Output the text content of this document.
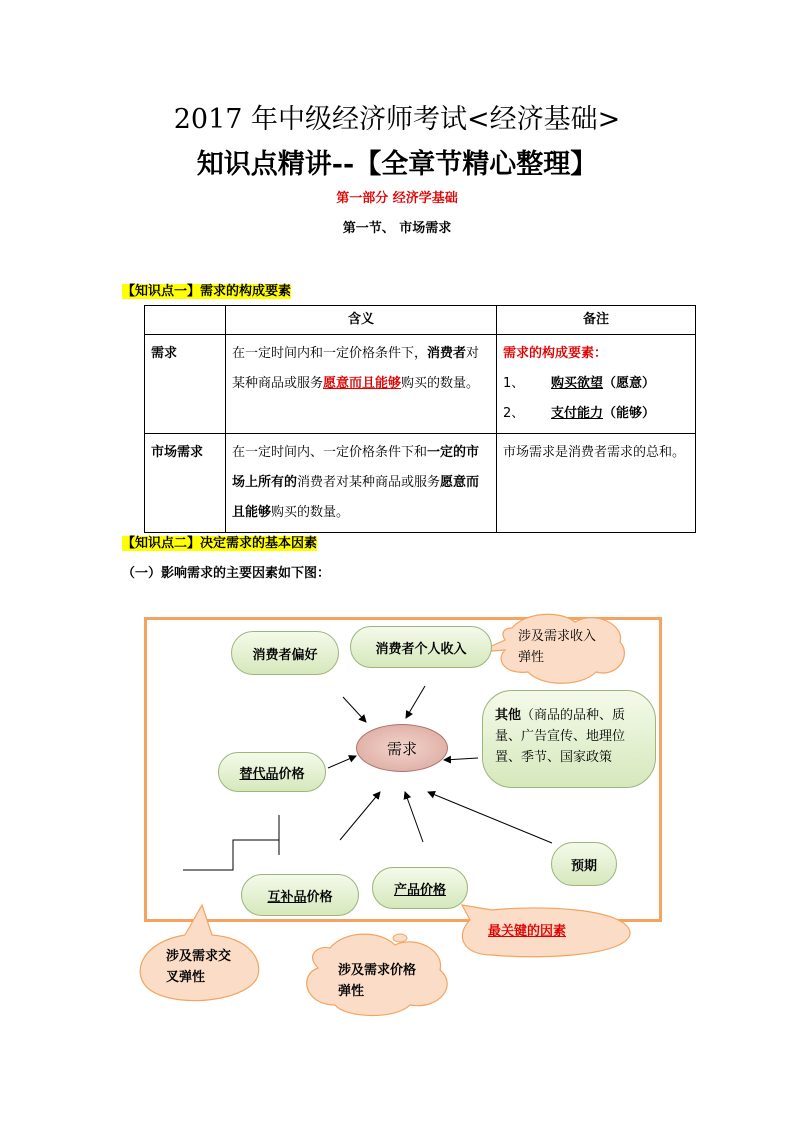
2017 年中级经济师考试<经济基础>
知识点精讲--【全章节精心整理】
第一部分 经济学基础
第一节、 市场需求
【知识点一】需求的构成要素
	含义	备注
需求	在一定时间内和一定价格条件下，消费者对某种商品或服务愿意而且能够购买的数量。	需求的构成要素：
1、 购买欲望（愿意）
2、 支付能力（能够）

市场需求	在一定时间内、一定价格条件下和一定的市场上所有的消费者对某种商品或服务愿意而且能够购买的数量。	市场需求是消费者需求的总和。
【知识点二】决定需求的基本因素
（一）影响需求的主要因素如下图：
需求
消费者偏好	消费者个人收入
涉及需求收入弹性
其他（商品的品种、质量、广告宣传、地理位置、季节、国家政策
替代品 价格
互补品 价格	产品价格
预期
最关键的因素
涉及需求交叉弹性	涉及需求价格弹性
